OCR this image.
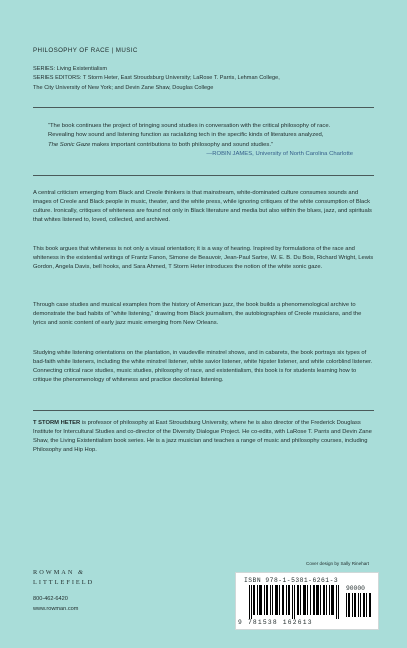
PHILOSOPHY OF RACE | MUSIC
SERIES: Living Existentialism
SERIES EDITORS: T Storm Heter, East Stroudsburg University; LaRose T. Parris, Lehman College,
The City University of New York; and Devin Zane Shaw, Douglas College
“The book continues the project of bringing sound studies in conversation with the critical philosophy of race.
Revealing how sound and listening function as racializing tech in the specific kinds of literatures analyzed,
The Sonic Gaze makes important contributions to both philosophy and sound studies.”
—ROBIN JAMES, University of North Carolina Charlotte
A central criticism emerging from Black and Creole thinkers is that mainstream, white-dominated culture consumes sounds and images of Creole and Black people in music, theater, and the white press, while ignoring critiques of the white consumption of Black culture. Ironically, critiques of whiteness are found not only in Black literature and media but also within the blues, jazz, and spirituals that whites listened to, loved, collected, and archived.
This book argues that whiteness is not only a visual orientation; it is a way of hearing. Inspired by formulations of the race and whiteness in the existential writings of Frantz Fanon, Simone de Beauvoir, Jean-Paul Sartre, W. E. B. Du Bois, Richard Wright, Lewis Gordon, Angela Davis, bell hooks, and Sara Ahmed, T Storm Heter introduces the notion of the white sonic gaze.
Through case studies and musical examples from the history of American jazz, the book builds a phenomenological archive to demonstrate the bad habits of “white listening,” drawing from Black journalism, the autobiographies of Creole musicians, and the lyrics and sonic content of early jazz music emerging from New Orleans.
Studying white listening orientations on the plantation, in vaudeville minstrel shows, and in cabarets, the book portrays six types of bad-faith white listeners, including the white minstrel listener, white savior listener, white hipster listener, and white colorblind listener. Connecting critical race studies, music studies, philosophy of race, and existentialism, this book is for students learning how to critique the phenomenology of whiteness and practice decolonial listening.
T STORM HETER is professor of philosophy at East Stroudsburg University, where he is also director of the Frederick Douglass Institute for Intercultural Studies and co-director of the Diversity Dialogue Project. He co-edits, with LaRose T. Parris and Devin Zane Shaw, the Living Existentialism book series. He is a jazz musician and teaches a range of music and philosophy courses, including Philosophy and Hip Hop.
Cover design by Sally Rinehart
ROWMAN &
LITTLEFIELD
800-462-6420
www.rowman.com
ISBN 978-1-5381-6261-3
90000
9 781538 162613
